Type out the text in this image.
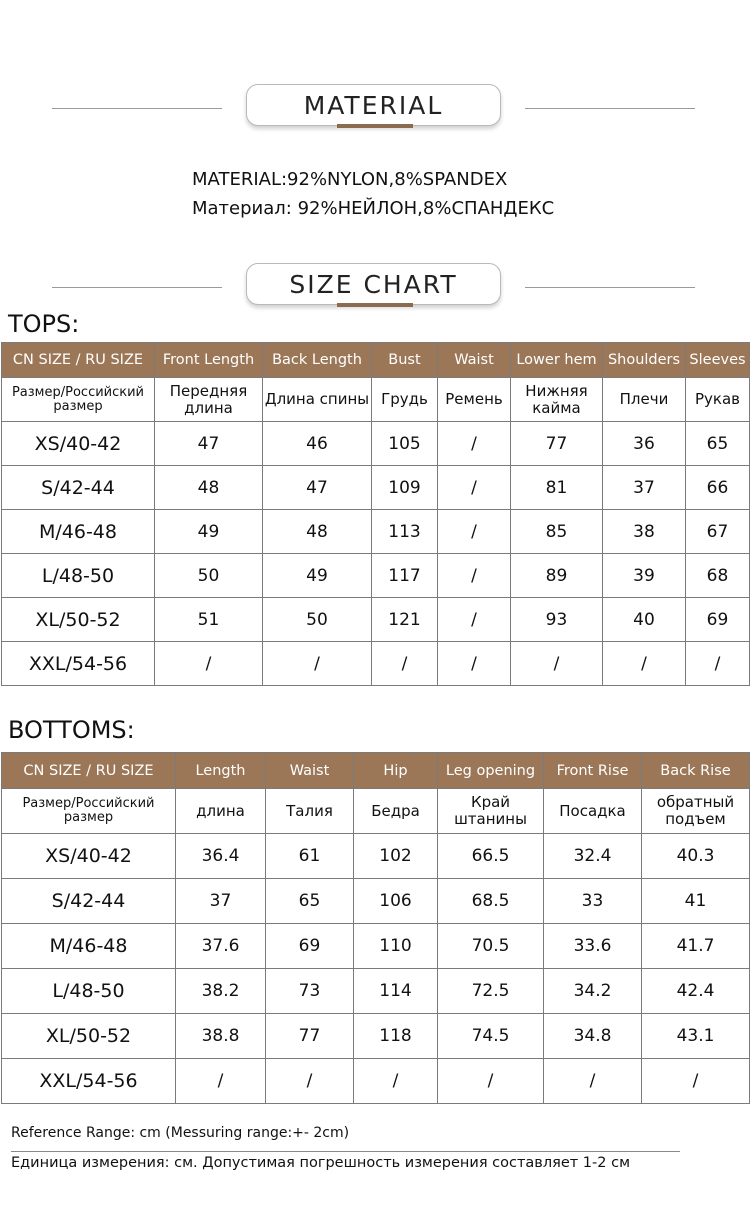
MATERIAL
MATERIAL:92%NYLON,8%SPANDEX
Материал: 92%НЕЙЛОН,8%СПАНДЕКС
SIZE CHART
TOPS:
CN SIZE / RU SIZE	Front Length	Back Length	Bust	Waist	Lower hem	Shoulders	Sleeves
Размер/Российский размер	Передняя длина	Длина спины	Грудь	Ремень	Нижняя кайма	Плечи	Рукав
XS/40-42	47	46	105	/	77	36	65
S/42-44	48	47	109	/	81	37	66
M/46-48	49	48	113	/	85	38	67
L/48-50	50	49	117	/	89	39	68
XL/50-52	51	50	121	/	93	40	69
XXL/54-56	/	/	/	/	/	/	/
BOTTOMS:
CN SIZE / RU SIZE	Length	Waist	Hip	Leg opening	Front Rise	Back Rise
Размер/Российский размер	длина	Талия	Бедра	Край штанины	Посадка	обратный подъем
XS/40-42	36.4	61	102	66.5	32.4	40.3
S/42-44	37	65	106	68.5	33	41
M/46-48	37.6	69	110	70.5	33.6	41.7
L/48-50	38.2	73	114	72.5	34.2	42.4
XL/50-52	38.8	77	118	74.5	34.8	43.1
XXL/54-56	/	/	/	/	/	/
Reference Range: cm (Messuring range:+- 2cm)
Единица измерения: см. Допустимая погрешность измерения составляет 1-2 см
